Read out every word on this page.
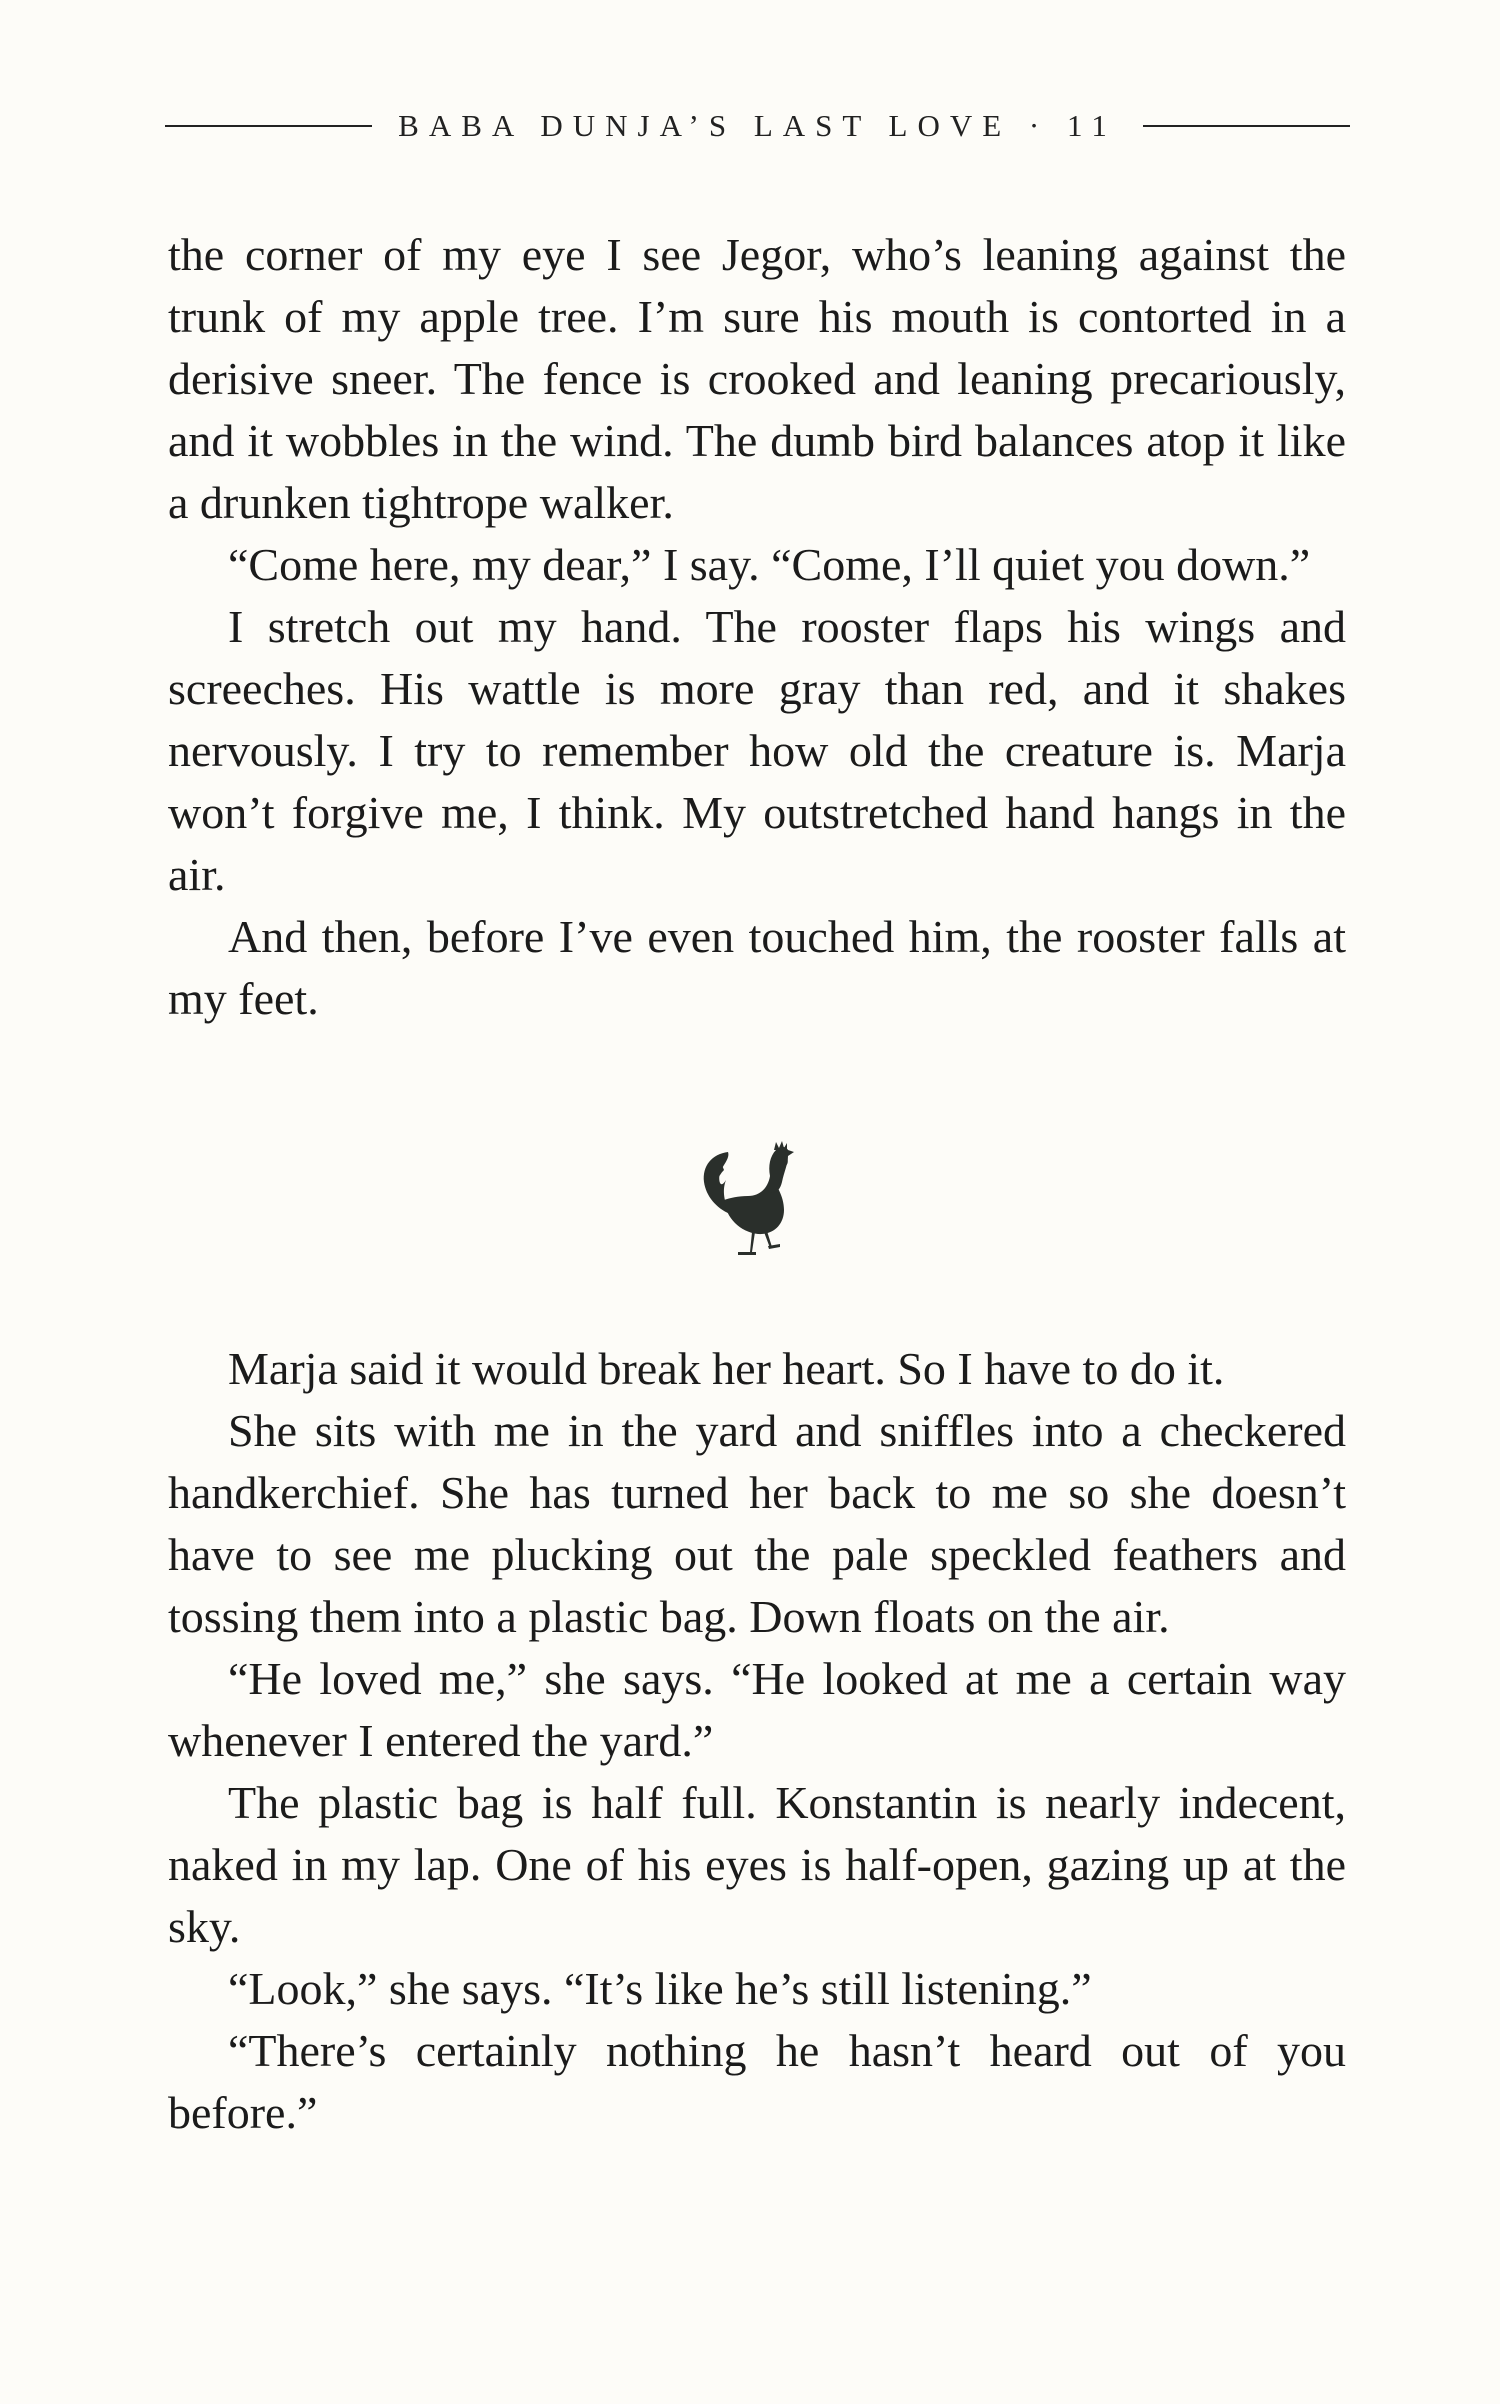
BABA DUNJA’S LAST LOVE · 11

the corner of my eye I see Jegor, who’s leaning against the trunk of my apple tree. I’m sure his mouth is contorted in a derisive sneer. The fence is crooked and leaning precariously, and it wobbles in the wind. The dumb bird balances atop it like a drunken tightrope walker.

“Come here, my dear,” I say. “Come, I’ll quiet you down.”

I stretch out my hand. The rooster flaps his wings and screeches. His wattle is more gray than red, and it shakes nervously. I try to remember how old the creature is. Marja won’t forgive me, I think. My outstretched hand hangs in the air.

And then, before I’ve even touched him, the rooster falls at my feet.

Marja said it would break her heart. So I have to do it.

She sits with me in the yard and sniffles into a checkered handkerchief. She has turned her back to me so she doesn’t have to see me plucking out the pale speckled feathers and tossing them into a plastic bag. Down floats on the air.

“He loved me,” she says. “He looked at me a certain way whenever I entered the yard.”

The plastic bag is half full. Konstantin is nearly indecent, naked in my lap. One of his eyes is half-open, gazing up at the sky.

“Look,” she says. “It’s like he’s still listening.”

“There’s certainly nothing he hasn’t heard out of you before.”
